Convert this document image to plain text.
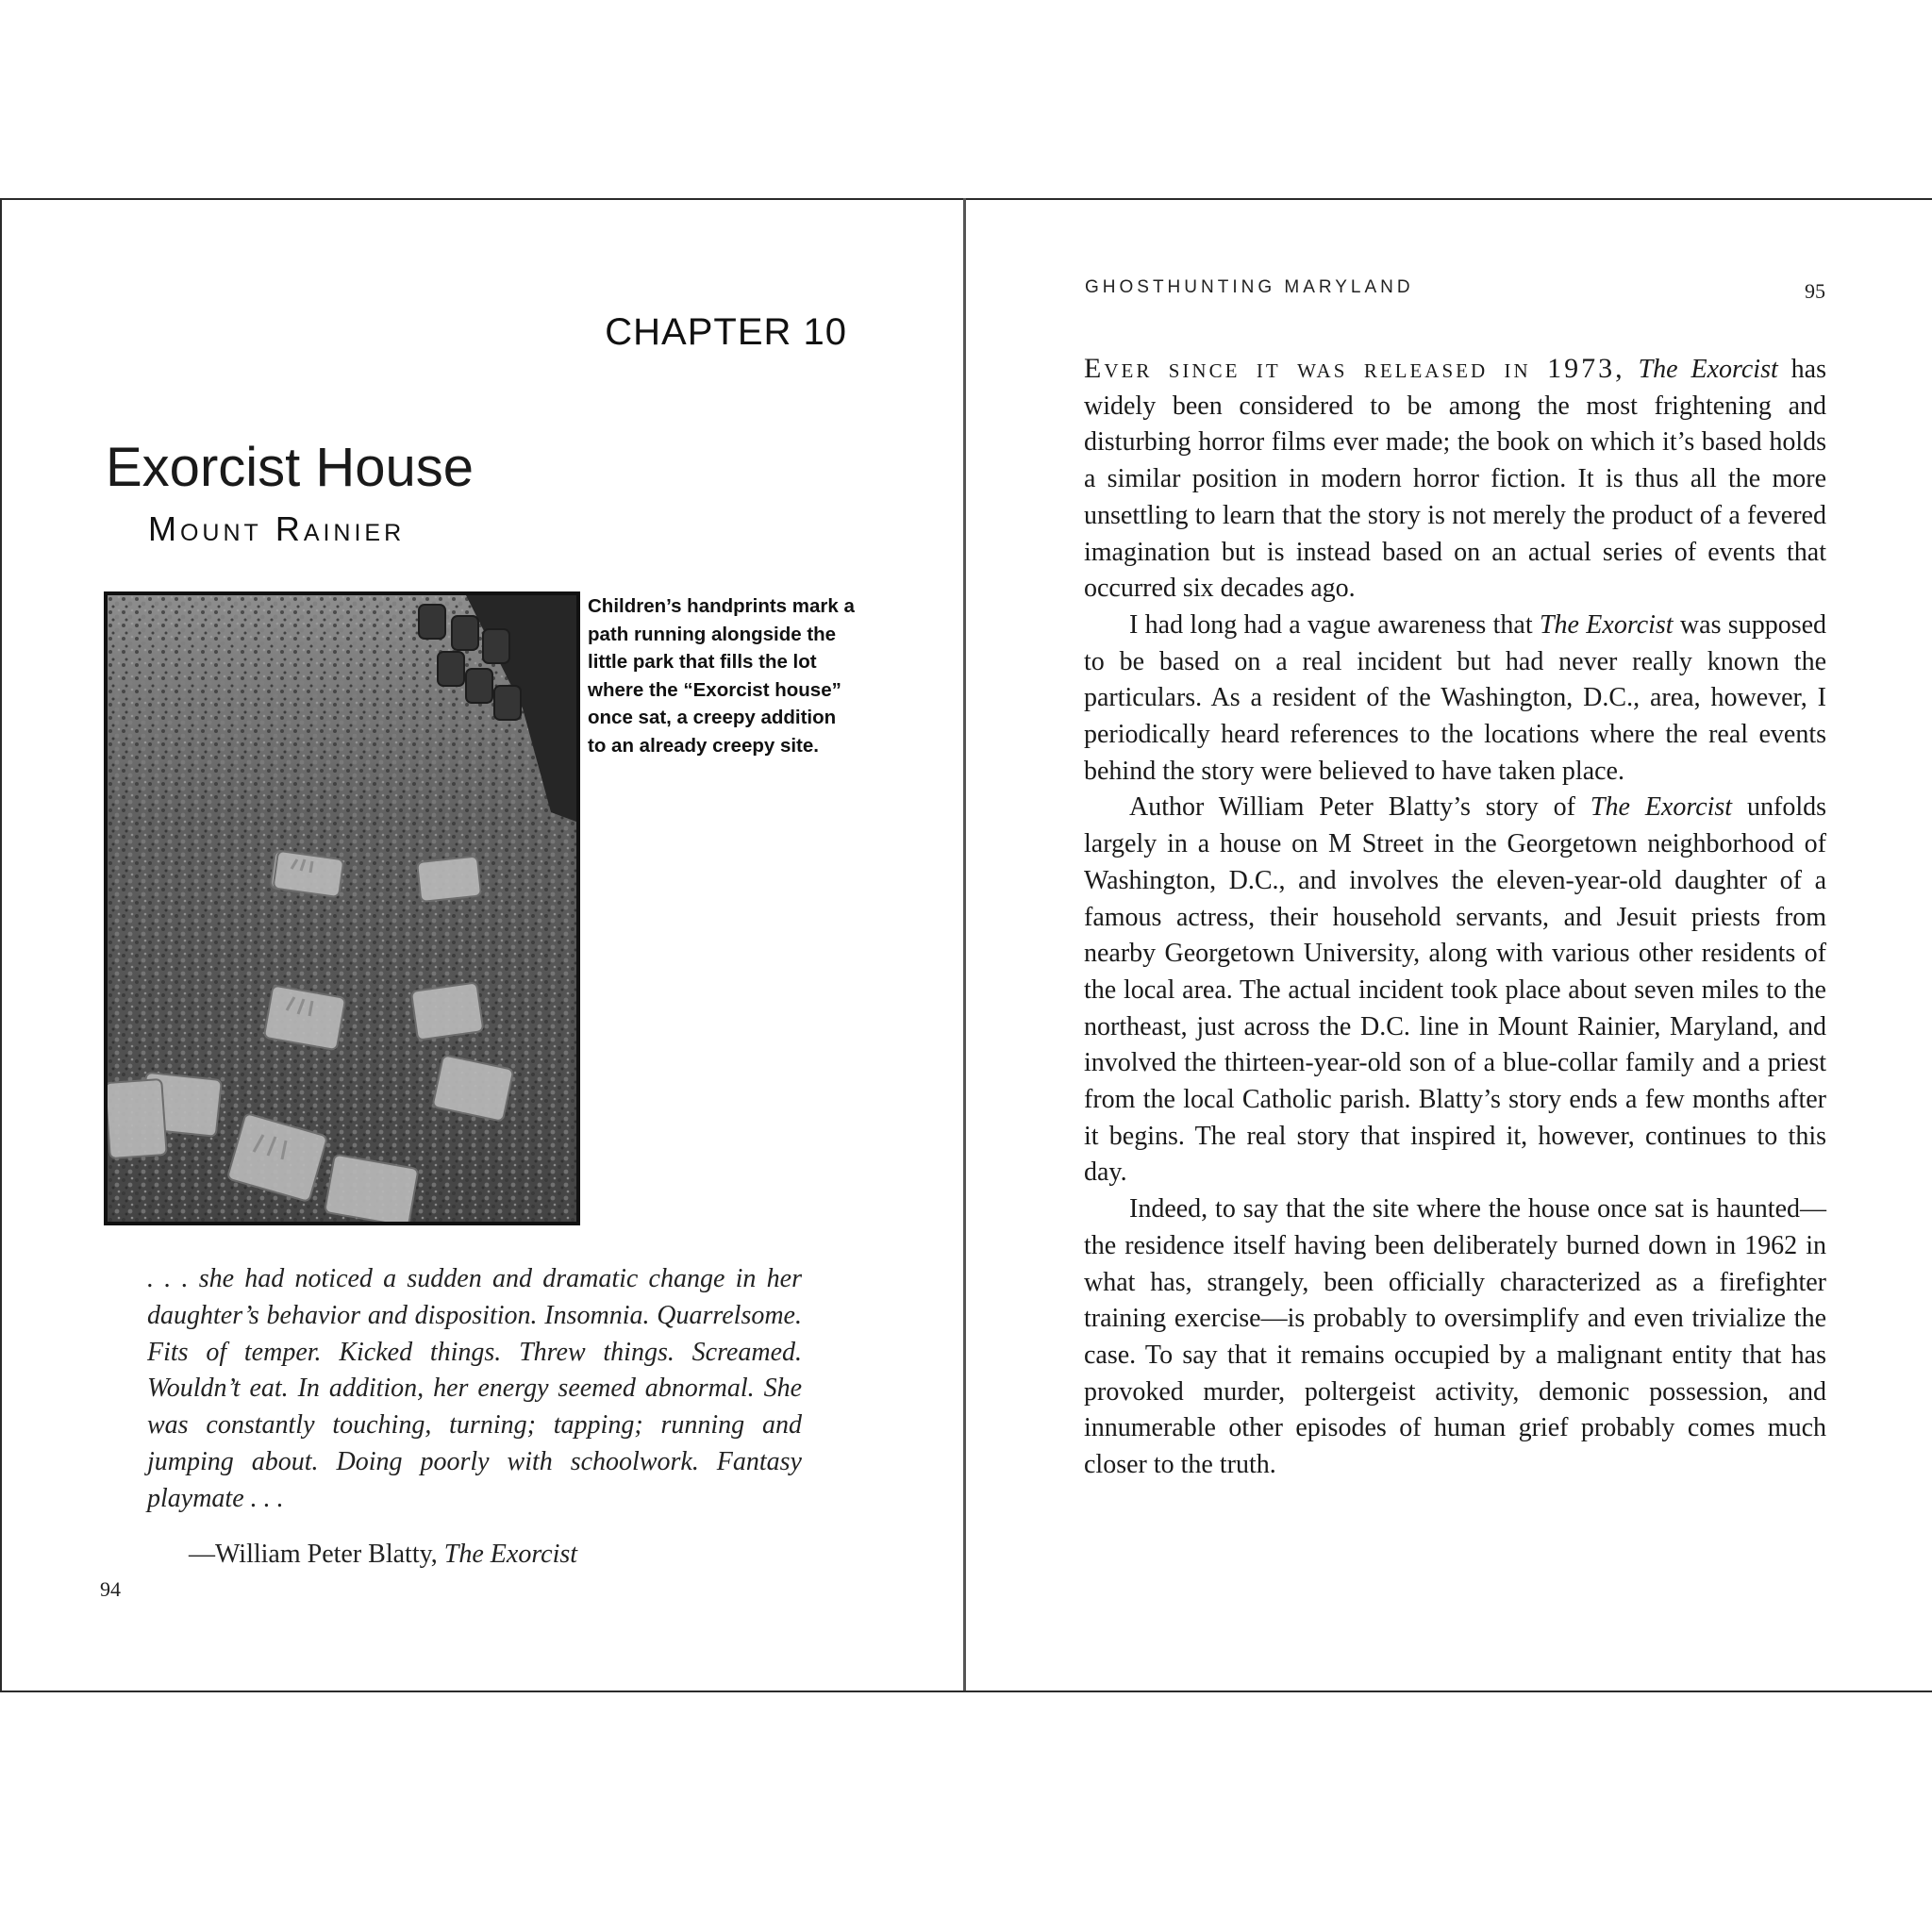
CHAPTER 10
Exorcist House
Mount Rainier
Children’s handprints mark a path running alongside the little park that fills the lot where the “Exorcist house” once sat, a creepy addition to an already creepy site.
. . . she had noticed a sudden and dramatic change in her daughter’s behavior and disposition. Insomnia. Quarrelsome. Fits of temper. Kicked things. Threw things. Screamed. Wouldn’t eat. In addition, her energy seemed abnormal. She was constantly touching, turning; tapping; running and jumping about. Doing poorly with schoolwork. Fantasy playmate . . .
—William Peter Blatty, The Exorcist
94
GHOSTHUNTING MARYLAND	95

Ever since it was released in 1973, The Exorcist has widely been considered to be among the most frightening and disturbing horror films ever made; the book on which it’s based holds a similar position in modern horror fiction. It is thus all the more unsettling to learn that the story is not merely the product of a fevered imagination but is instead based on an actual series of events that occurred six decades ago.

I had long had a vague awareness that The Exorcist was supposed to be based on a real incident but had never really known the particulars. As a resident of the Washington, D.C., area, however, I periodically heard references to the locations where the real events behind the story were believed to have taken place.

Author William Peter Blatty’s story of The Exorcist unfolds largely in a house on M Street in the Georgetown neighborhood of Washington, D.C., and involves the eleven-year-old daughter of a famous actress, their household servants, and Jesuit priests from nearby Georgetown University, along with various other residents of the local area. The actual incident took place about seven miles to the northeast, just across the D.C. line in Mount Rainier, Maryland, and involved the thirteen-year-old son of a blue-collar family and a priest from the local Catholic parish. Blatty’s story ends a few months after it begins. The real story that inspired it, however, continues to this day.

Indeed, to say that the site where the house once sat is haunted—the residence itself having been deliberately burned down in 1962 in what has, strangely, been officially characterized as a firefighter training exercise—is probably to oversimplify and even trivialize the case. To say that it remains occupied by a malignant entity that has provoked murder, poltergeist activity, demonic possession, and innumerable other episodes of human grief probably comes much closer to the truth.
